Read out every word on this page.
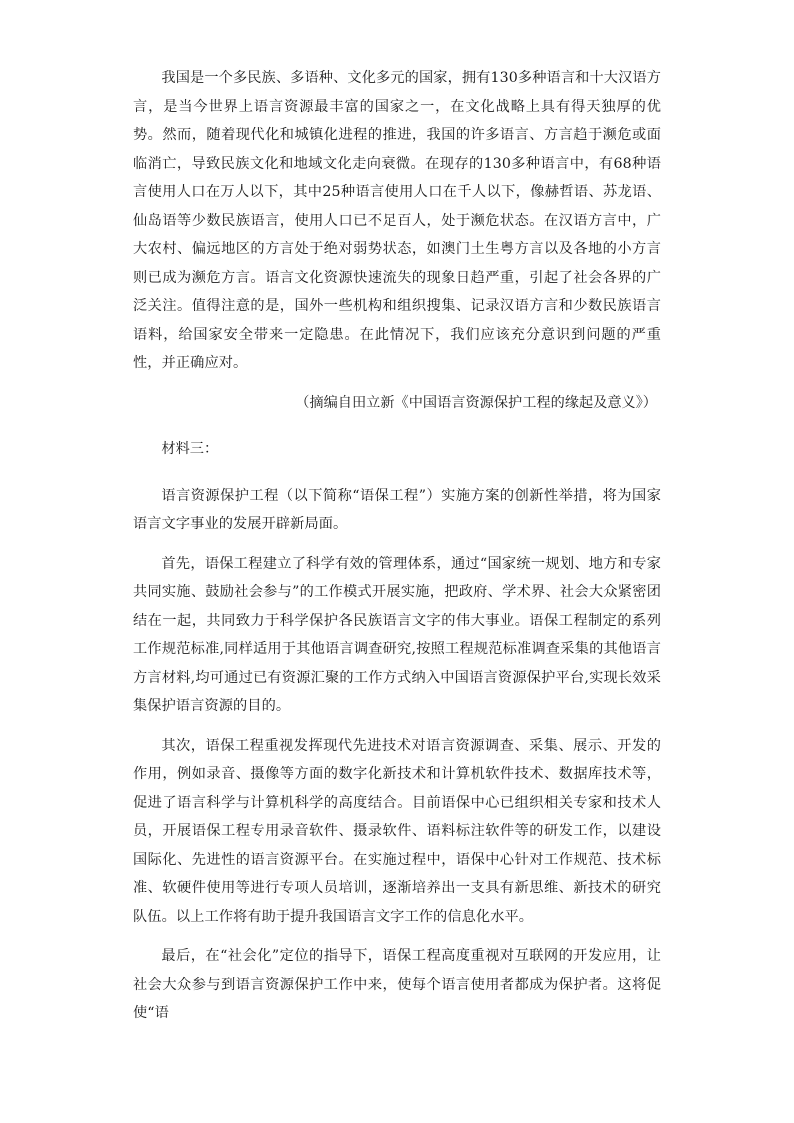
我国是一个多民族、多语种、文化多元的国家，拥有130多种语言和十大汉语方言，是当今世界上语言资源最丰富的国家之一，在文化战略上具有得天独厚的优势。然而，随着现代化和城镇化进程的推进，我国的许多语言、方言趋于濒危或面临消亡，导致民族文化和地域文化走向衰微。在现存的130多种语言中，有68种语言使用人口在万人以下，其中25种语言使用人口在千人以下，像赫哲语、苏龙语、仙岛语等少数民族语言，使用人口已不足百人，处于濒危状态。在汉语方言中，广大农村、偏远地区的方言处于绝对弱势状态，如澳门土生粤方言以及各地的小方言则已成为濒危方言。语言文化资源快速流失的现象日趋严重，引起了社会各界的广泛关注。值得注意的是，国外一些机构和组织搜集、记录汉语方言和少数民族语言语料，给国家安全带来一定隐患。在此情况下，我们应该充分意识到问题的严重性，并正确应对。

（摘编自田立新《中国语言资源保护工程的缘起及意义》）

材料三：

语言资源保护工程（以下简称“语保工程”）实施方案的创新性举措，将为国家语言文字事业的发展开辟新局面。

首先，语保工程建立了科学有效的管理体系，通过“国家统一规划、地方和专家共同实施、鼓励社会参与”的工作模式开展实施，把政府、学术界、社会大众紧密团结在一起，共同致力于科学保护各民族语言文字的伟大事业。语保工程制定的系列工作规范标准,同样适用于其他语言调查研究,按照工程规范标准调查采集的其他语言方言材料,均可通过已有资源汇聚的工作方式纳入中国语言资源保护平台,实现长效采集保护语言资源的目的。

其次，语保工程重视发挥现代先进技术对语言资源调查、采集、展示、开发的作用，例如录音、摄像等方面的数字化新技术和计算机软件技术、数据库技术等，促进了语言科学与计算机科学的高度结合。目前语保中心已组织相关专家和技术人员，开展语保工程专用录音软件、摄录软件、语料标注软件等的研发工作，以建设国际化、先进性的语言资源平台。在实施过程中，语保中心针对工作规范、技术标准、软硬件使用等进行专项人员培训，逐渐培养出一支具有新思维、新技术的研究队伍。以上工作将有助于提升我国语言文字工作的信息化水平。

最后，在“社会化”定位的指导下，语保工程高度重视对互联网的开发应用，让社会大众参与到语言资源保护工作中来，使每个语言使用者都成为保护者。这将促使“语
